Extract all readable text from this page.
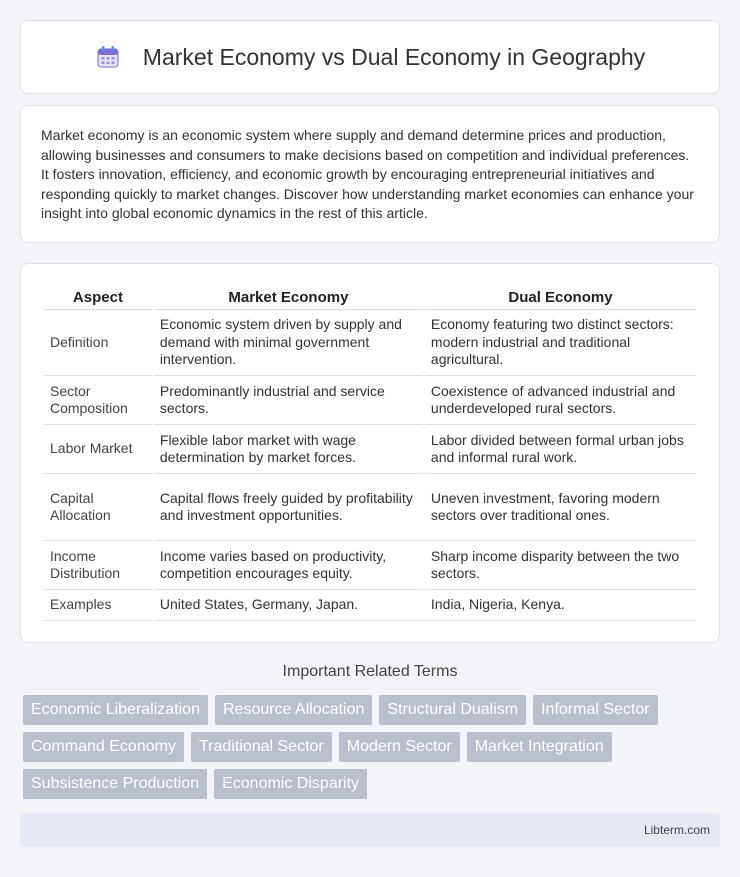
Market Economy vs Dual Economy in Geography

Market economy is an economic system where supply and demand determine prices and production, allowing businesses and consumers to make decisions based on competition and individual preferences. It fosters innovation, efficiency, and economic growth by encouraging entrepreneurial initiatives and responding quickly to market changes. Discover how understanding market economies can enhance your insight into global economic dynamics in the rest of this article.

Aspect	Market Economy	Dual Economy
Definition	Economic system driven by supply and demand with minimal government intervention.	Economy featuring two distinct sectors: modern industrial and traditional agricultural.
Sector Composition	Predominantly industrial and service sectors.	Coexistence of advanced industrial and underdeveloped rural sectors.
Labor Market	Flexible labor market with wage determination by market forces.	Labor divided between formal urban jobs and informal rural work.
Capital Allocation	Capital flows freely guided by profitability and investment opportunities.	Uneven investment, favoring modern sectors over traditional ones.
Income Distribution	Income varies based on productivity, competition encourages equity.	Sharp income disparity between the two sectors.
Examples	United States, Germany, Japan.	India, Nigeria, Kenya.
Important Related Terms
Economic Liberalization	Resource Allocation	Structural Dualism	Informal Sector
Command Economy	Traditional Sector	Modern Sector	Market Integration
Subsistence Production	Economic Disparity
Libterm.com
